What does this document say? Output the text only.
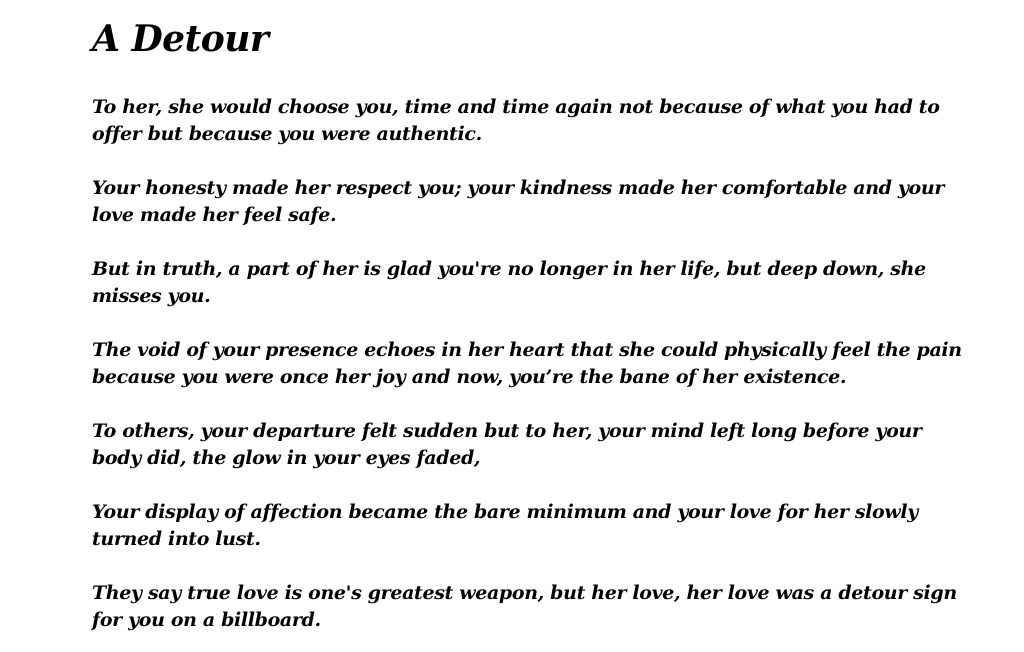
A Detour

To her, she would choose you, time and time again not because of what you had to offer but because you were authentic.

Your honesty made her respect you; your kindness made her comfortable and your love made her feel safe.

But in truth, a part of her is glad you're no longer in her life, but deep down, she misses you.

The void of your presence echoes in her heart that she could physically feel the pain because you were once her joy and now, you’re the bane of her existence.

To others, your departure felt sudden but to her, your mind left long before your body did, the glow in your eyes faded,

Your display of affection became the bare minimum and your love for her slowly turned into lust.

They say true love is one's greatest weapon, but her love, her love was a detour sign for you on a billboard.
